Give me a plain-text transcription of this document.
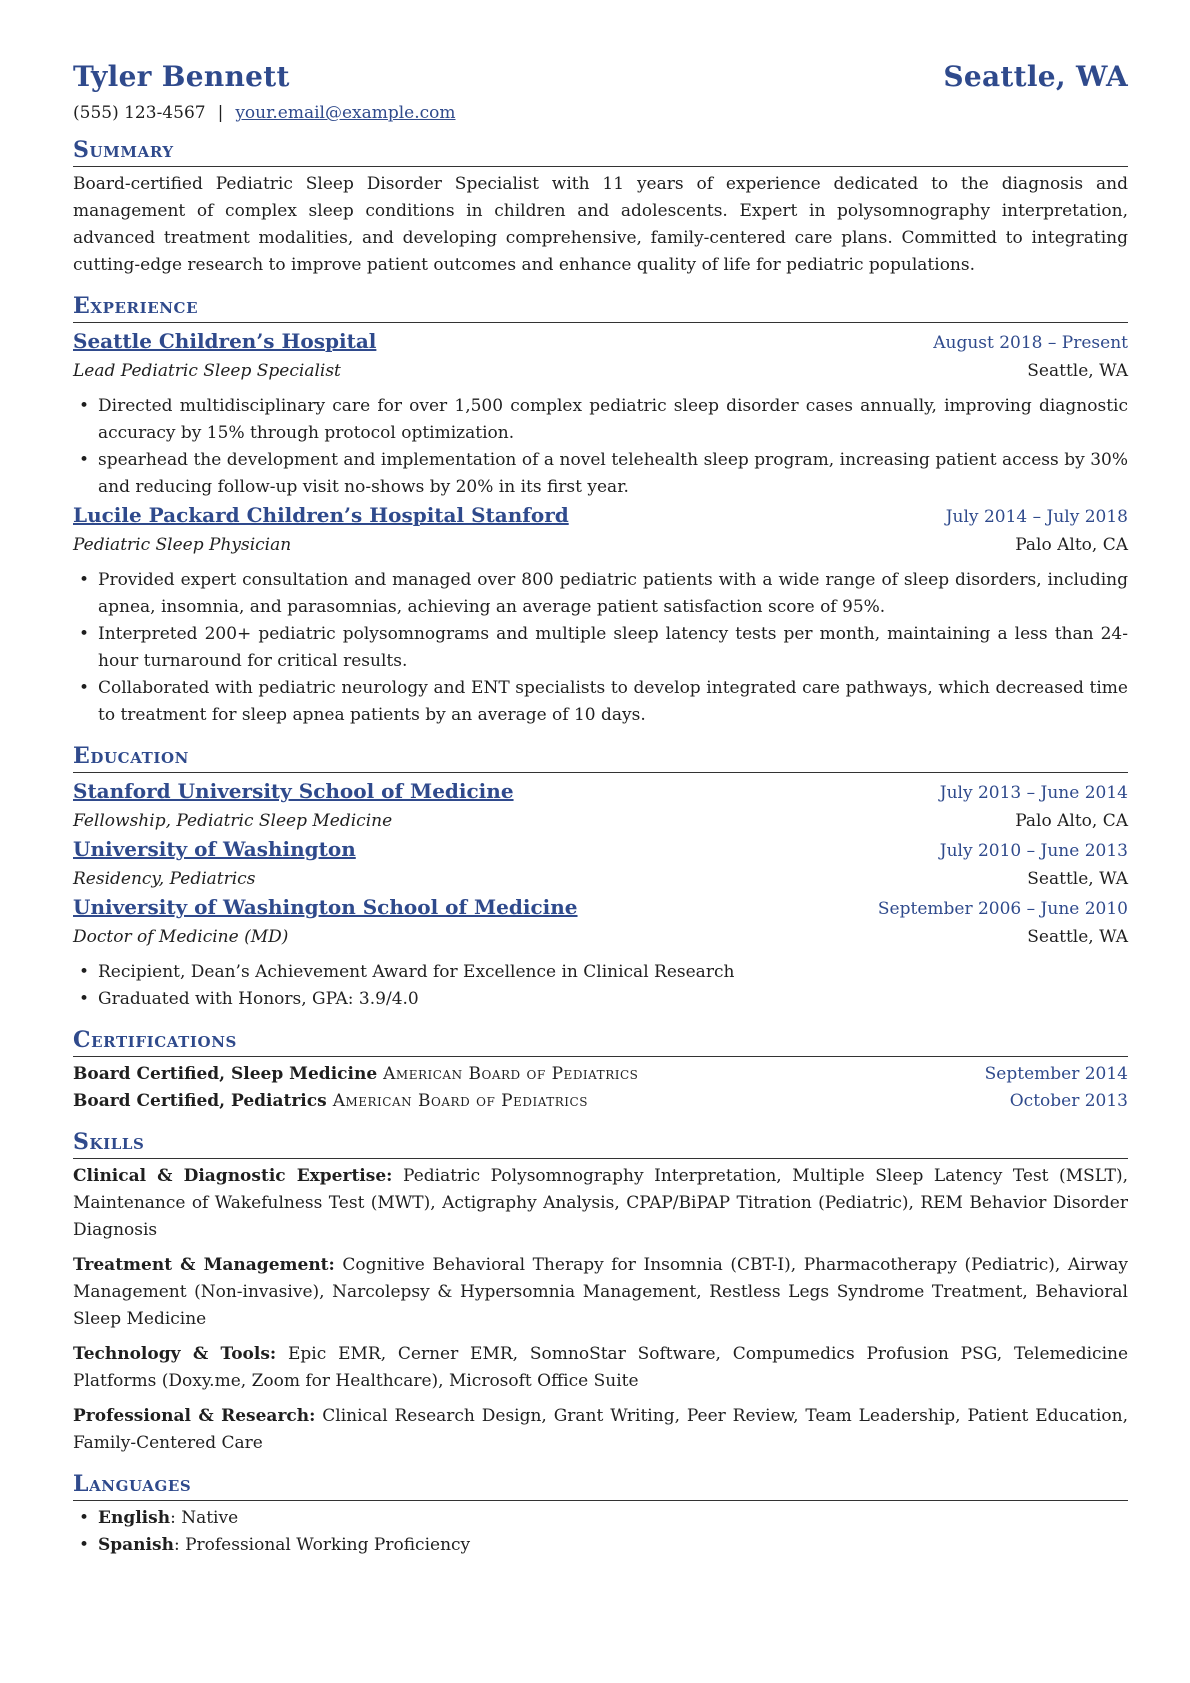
Tyler Bennett	Seattle, WA
(555) 123-4567 | your.email@example.com
Summary
Board-certified Pediatric Sleep Disorder Specialist with 11 years of experience dedicated to the diagnosis and management of complex sleep conditions in children and adolescents. Expert in polysomnography interpretation, advanced treatment modalities, and developing comprehensive, family-centered care plans. Committed to integrating cutting-edge research to improve patient outcomes and enhance quality of life for pediatric populations.
Experience
Seattle Children’s Hospital	August 2018 – Present
Lead Pediatric Sleep Specialist	Seattle, WA
• Directed multidisciplinary care for over 1,500 complex pediatric sleep disorder cases annually, improving diagnostic accuracy by 15% through protocol optimization.
• spearhead the development and implementation of a novel telehealth sleep program, increasing patient access by 30% and reducing follow-up visit no-shows by 20% in its first year.
Lucile Packard Children’s Hospital Stanford	July 2014 – July 2018
Pediatric Sleep Physician	Palo Alto, CA
• Provided expert consultation and managed over 800 pediatric patients with a wide range of sleep disorders, including apnea, insomnia, and parasomnias, achieving an average patient satisfaction score of 95%.
• Interpreted 200+ pediatric polysomnograms and multiple sleep latency tests per month, maintaining a less than 24-hour turnaround for critical results.
• Collaborated with pediatric neurology and ENT specialists to develop integrated care pathways, which decreased time to treatment for sleep apnea patients by an average of 10 days.
Education
Stanford University School of Medicine	July 2013 – June 2014
Fellowship, Pediatric Sleep Medicine	Palo Alto, CA
University of Washington	July 2010 – June 2013
Residency, Pediatrics	Seattle, WA
University of Washington School of Medicine	September 2006 – June 2010
Doctor of Medicine (MD)	Seattle, WA
• Recipient, Dean’s Achievement Award for Excellence in Clinical Research
• Graduated with Honors, GPA: 3.9/4.0
Certifications
Board Certified, Sleep Medicine American Board of Pediatrics	September 2014
Board Certified, Pediatrics American Board of Pediatrics	October 2013
Skills
Clinical & Diagnostic Expertise: Pediatric Polysomnography Interpretation, Multiple Sleep Latency Test (MSLT), Maintenance of Wakefulness Test (MWT), Actigraphy Analysis, CPAP/BiPAP Titration (Pediatric), REM Behavior Disorder Diagnosis
Treatment & Management: Cognitive Behavioral Therapy for Insomnia (CBT-I), Pharmacotherapy (Pediatric), Airway Management (Non-invasive), Narcolepsy & Hypersomnia Management, Restless Legs Syndrome Treatment, Behavioral Sleep Medicine
Technology & Tools: Epic EMR, Cerner EMR, SomnoStar Software, Compumedics Profusion PSG, Telemedicine Platforms (Doxy.me, Zoom for Healthcare), Microsoft Office Suite
Professional & Research: Clinical Research Design, Grant Writing, Peer Review, Team Leadership, Patient Education, Family-Centered Care
Languages
• English: Native
• Spanish: Professional Working Proficiency
